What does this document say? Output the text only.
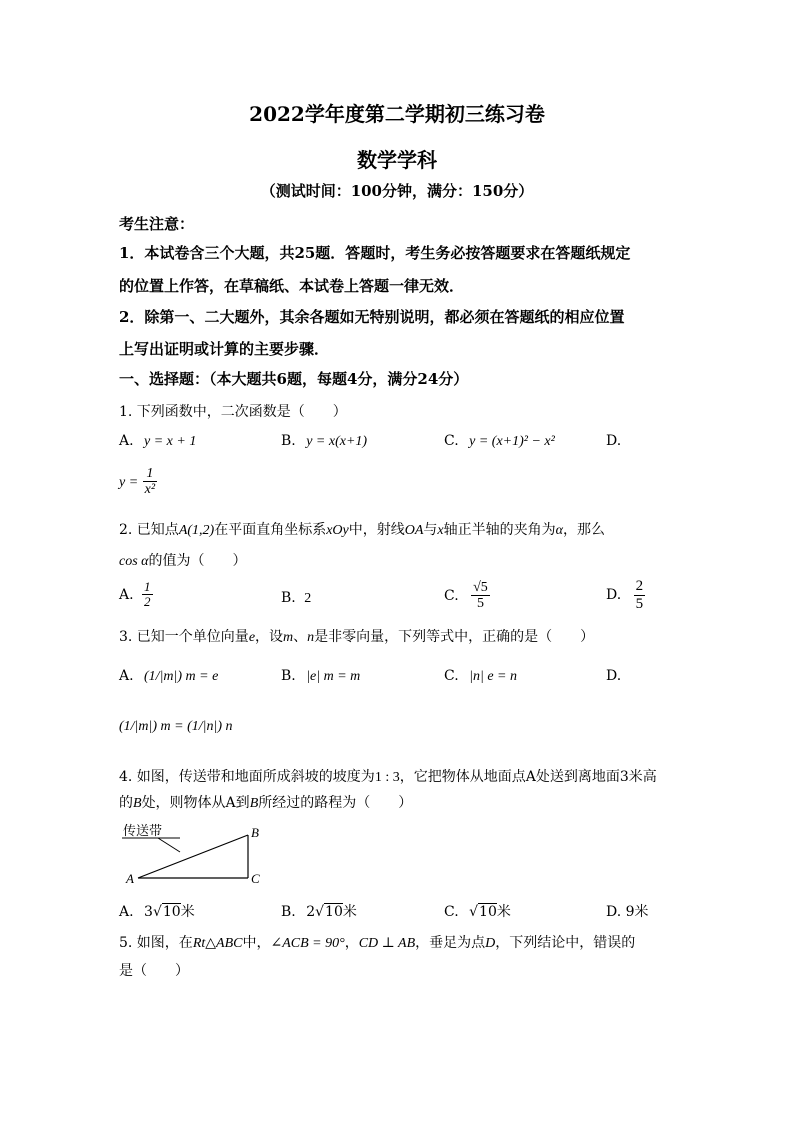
2022学年度第二学期初三练习卷
数学学科
（测试时间：100分钟，满分：150分）
考生注意：
1．本试卷含三个大题，共25题．答题时，考生务必按答题要求在答题纸规定
的位置上作答，在草稿纸、本试卷上答题一律无效．
2．除第一、二大题外，其余各题如无特别说明，都必须在答题纸的相应位置
上写出证明或计算的主要步骤．
一、选择题：（本大题共6题，每题4分，满分24分）
1. 下列函数中，二次函数是（　　）
A. y = x + 1	B. y = x(x+1)	C. y = (x+1)² − x²	D.
$y = \frac{1}{\text{x²}}$
2. 已知点A(1,2)在平面直角坐标系xOy中，射线OA与x轴正半轴的夹角为α，那么
cos α的值为（　　）
A. $\frac{1}{2}$	B. 2	C. $\frac{√5}{5}$	D. $\frac{2}{5}$
3. 已知一个单位向量e，设m、n是非零向量，下列等式中，正确的是（　　）
A. (1/|m|) m = e	B. |e| m = m	C. |n| e = n	D.
(1/|m|) m = (1/|n|) n
4. 如图，传送带和地面所成斜坡的坡度为1 : 3，它把物体从地面点A处送到离地面3米高
的B处，则物体从A到B所经过的路程为（　　）
传送带
A
B
C
A. 3√10米	B. 2√10米	C. √10米	D. 9米
5. 如图，在Rt△ABC中，∠ACB = 90°，CD ⊥ AB，垂足为点D，下列结论中，错误的
是（　　）
